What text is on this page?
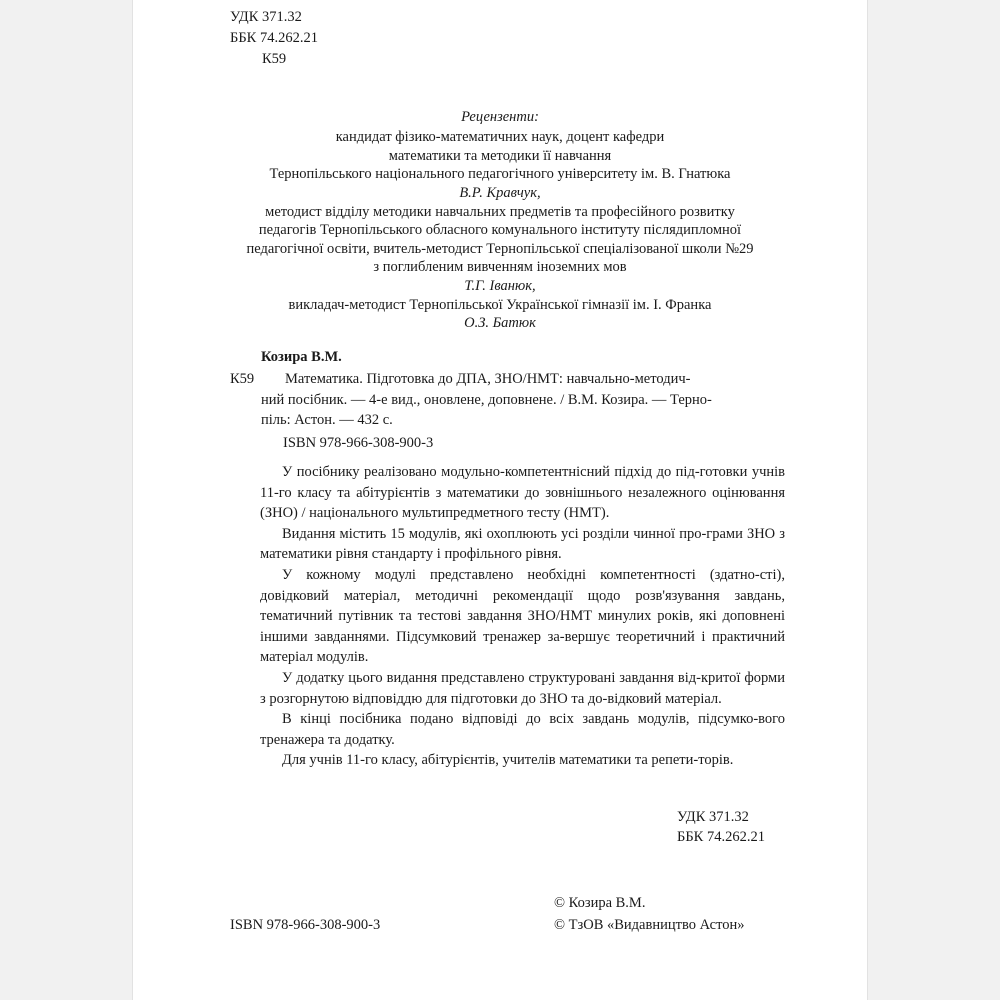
УДК 371.32
ББК 74.262.21
К59
Рецензенти:
кандидат фізико-математичних наук, доцент кафедри
математики та методики її навчання
Тернопільського національного педагогічного університету ім. В. Гнатюка
В.Р. Кравчук,
методист відділу методики навчальних предметів та професійного розвитку
педагогів Тернопільського обласного комунального інституту післядипломної
педагогічної освіти, вчитель-методист Тернопільської спеціалізованої школи №29
з поглибленим вивченням іноземних мов
Т.Г. Іванюк,
викладач-методист Тернопільської Української гімназії ім. І. Франка
О.З. Батюк
Козира В.М.
К59 Математика. Підготовка до ДПА, ЗНО/НМТ: навчально-методич-
ний посібник. — 4-е вид., оновлене, доповнене. / В.М. Козира. — Терно-
піль: Астон. — 432 с.
ISBN 978-966-308-900-3

У посібнику реалізовано модульно-компетентнісний підхід до під-готовки учнів 11-го класу та абітурієнтів з математики до зовнішнього незалежного оцінювання (ЗНО) / національного мультипредметного тесту (НМТ).

Видання містить 15 модулів, які охоплюють усі розділи чинної про-грами ЗНО з математики рівня стандарту і профільного рівня.

У кожному модулі представлено необхідні компетентності (здатно-сті), довідковий матеріал, методичні рекомендації щодо розв'язування завдань, тематичний путівник та тестові завдання ЗНО/НМТ минулих років, які доповнені іншими завданнями. Підсумковий тренажер за-вершує теоретичний і практичний матеріал модулів.

У додатку цього видання представлено структуровані завдання від-критої форми з розгорнутою відповіддю для підготовки до ЗНО та до-відковий матеріал.

В кінці посібника подано відповіді до всіх завдань модулів, підсумко-вого тренажера та додатку.

Для учнів 11-го класу, абітурієнтів, учителів математики та репети-торів.

УДК 371.32
ББК 74.262.21
ISBN 978-966-308-900-3
© Козира В.М.
© ТзОВ «Видавництво Астон»
